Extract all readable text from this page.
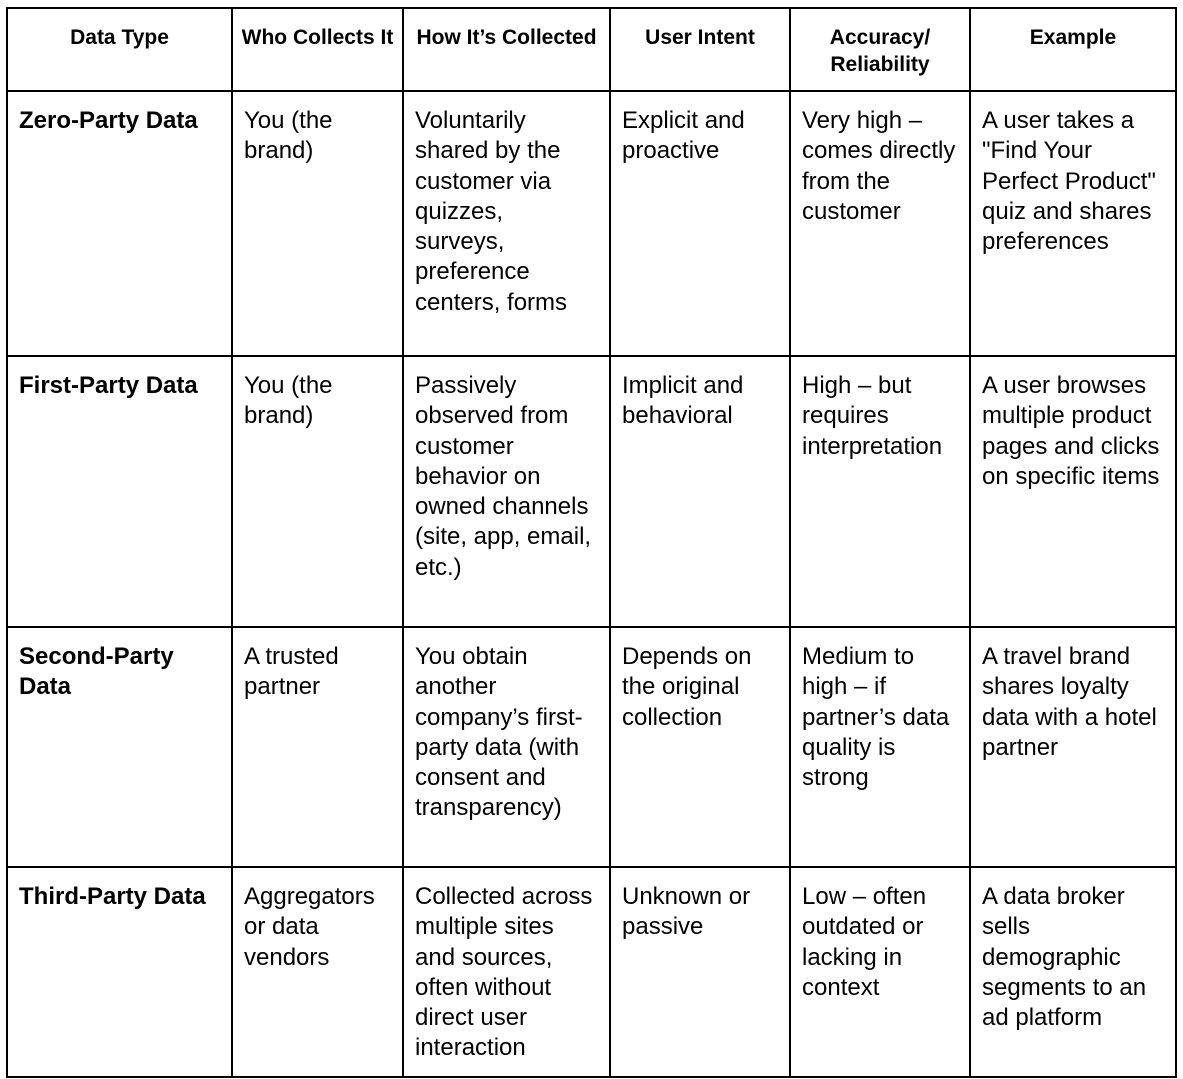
Data Type	Who Collects It	How It’s Collected	User Intent	Accuracy/ Reliability	Example

Zero-Party Data	You (the brand)	Voluntarily shared by the customer via quizzes, surveys, preference centers, forms	Explicit and proactive	Very high – comes directly from the customer	A user takes a "Find Your Perfect Product" quiz and shares preferences
First-Party Data	You (the brand)	Passively observed from customer behavior on owned channels (site, app, email, etc.)	Implicit and behavioral	High – but requires interpretation	A user browses multiple product pages and clicks on specific items
Second-Party Data	A trusted partner	You obtain another company’s first-party data (with consent and transparency)	Depends on the original collection	Medium to high – if partner’s data quality is strong	A travel brand shares loyalty data with a hotel partner
Third-Party Data	Aggregators or data vendors	Collected across multiple sites and sources, often without direct user interaction	Unknown or passive	Low – often outdated or lacking in context	A data broker sells demographic segments to an ad platform
